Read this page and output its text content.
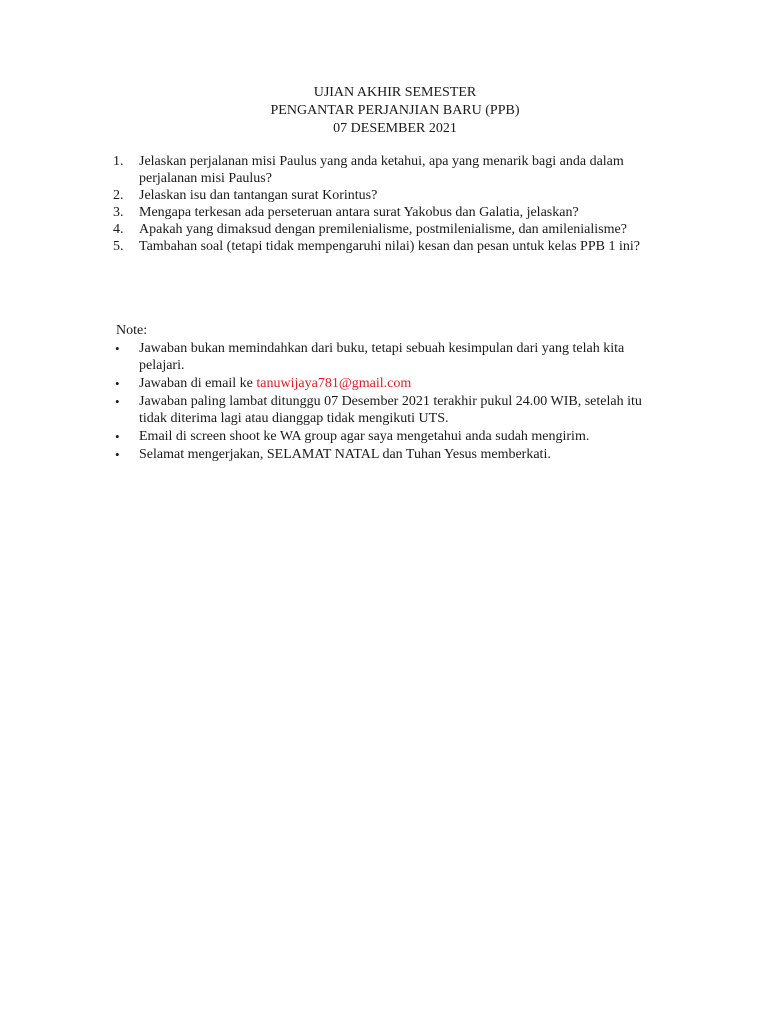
UJIAN AKHIR SEMESTER
PENGANTAR PERJANJIAN BARU (PPB)
07 DESEMBER 2021
1. Jelaskan perjalanan misi Paulus yang anda ketahui, apa yang menarik bagi anda dalam perjalanan misi Paulus?
2. Jelaskan isu dan tantangan surat Korintus?
3. Mengapa terkesan ada perseteruan antara surat Yakobus dan Galatia, jelaskan?
4. Apakah yang dimaksud dengan premilenialisme, postmilenialisme, dan amilenialisme?
5. Tambahan soal (tetapi tidak mempengaruhi nilai) kesan dan pesan untuk kelas PPB 1 ini?
Note:
• Jawaban bukan memindahkan dari buku, tetapi sebuah kesimpulan dari yang telah kita pelajari.
• Jawaban di email ke tanuwijaya781@gmail.com
• Jawaban paling lambat ditunggu 07 Desember 2021 terakhir pukul 24.00 WIB, setelah itu tidak diterima lagi atau dianggap tidak mengikuti UTS.
• Email di screen shoot ke WA group agar saya mengetahui anda sudah mengirim.
• Selamat mengerjakan, SELAMAT NATAL dan Tuhan Yesus memberkati.
